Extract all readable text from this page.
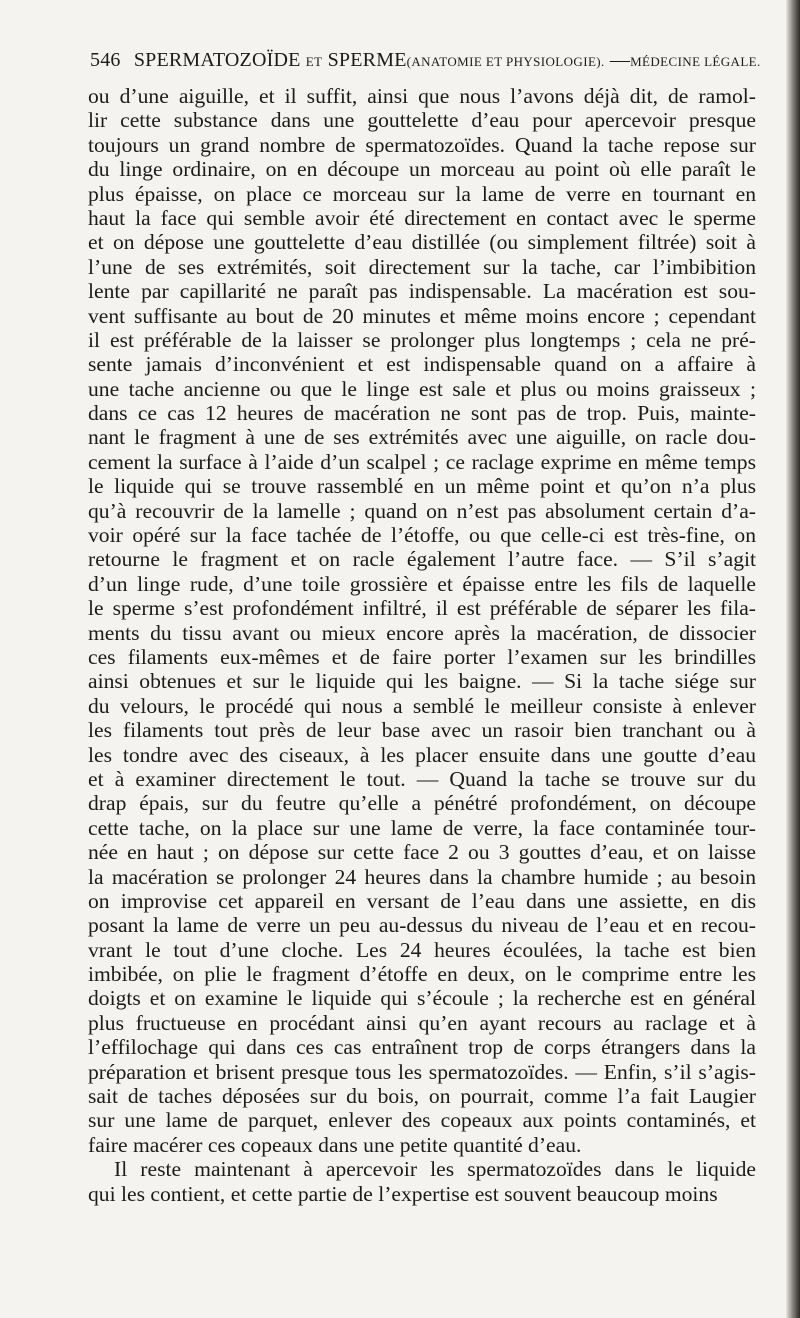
546 SPERMATOZOÏDE ET SPERME(ANATOMIE ET PHYSIOLOGIE). —MÉDECINE LÉGALE.
ou d’une aiguille, et il suffit, ainsi que nous l’avons déjà dit, de ramol-
lir cette substance dans une gouttelette d’eau pour apercevoir presque
toujours un grand nombre de spermatozoïdes. Quand la tache repose sur
du linge ordinaire, on en découpe un morceau au point où elle paraît le
plus épaisse, on place ce morceau sur la lame de verre en tournant en
haut la face qui semble avoir été directement en contact avec le sperme
et on dépose une gouttelette d’eau distillée (ou simplement filtrée) soit à
l’une de ses extrémités, soit directement sur la tache, car l’imbibition
lente par capillarité ne paraît pas indispensable. La macération est sou-
vent suffisante au bout de 20 minutes et même moins encore ; cependant
il est préférable de la laisser se prolonger plus longtemps ; cela ne pré-
sente jamais d’inconvénient et est indispensable quand on a affaire à
une tache ancienne ou que le linge est sale et plus ou moins graisseux ;
dans ce cas 12 heures de macération ne sont pas de trop. Puis, mainte-
nant le fragment à une de ses extrémités avec une aiguille, on racle dou-
cement la surface à l’aide d’un scalpel ; ce raclage exprime en même temps
le liquide qui se trouve rassemblé en un même point et qu’on n’a plus
qu’à recouvrir de la lamelle ; quand on n’est pas absolument certain d’a-
voir opéré sur la face tachée de l’étoffe, ou que celle-ci est très-fine, on
retourne le fragment et on racle également l’autre face. — S’il s’agit
d’un linge rude, d’une toile grossière et épaisse entre les fils de laquelle
le sperme s’est profondément infiltré, il est préférable de séparer les fila-
ments du tissu avant ou mieux encore après la macération, de dissocier
ces filaments eux-mêmes et de faire porter l’examen sur les brindilles
ainsi obtenues et sur le liquide qui les baigne. — Si la tache siége sur
du velours, le procédé qui nous a semblé le meilleur consiste à enlever
les filaments tout près de leur base avec un rasoir bien tranchant ou à
les tondre avec des ciseaux, à les placer ensuite dans une goutte d’eau
et à examiner directement le tout. — Quand la tache se trouve sur du
drap épais, sur du feutre qu’elle a pénétré profondément, on découpe
cette tache, on la place sur une lame de verre, la face contaminée tour-
née en haut ; on dépose sur cette face 2 ou 3 gouttes d’eau, et on laisse
la macération se prolonger 24 heures dans la chambre humide ; au besoin
on improvise cet appareil en versant de l’eau dans une assiette, en dis
posant la lame de verre un peu au-dessus du niveau de l’eau et en recou-
vrant le tout d’une cloche. Les 24 heures écoulées, la tache est bien
imbibée, on plie le fragment d’étoffe en deux, on le comprime entre les
doigts et on examine le liquide qui s’écoule ; la recherche est en général
plus fructueuse en procédant ainsi qu’en ayant recours au raclage et à
l’effilochage qui dans ces cas entraînent trop de corps étrangers dans la
préparation et brisent presque tous les spermatozoïdes. — Enfin, s’il s’agis-
sait de taches déposées sur du bois, on pourrait, comme l’a fait Laugier
sur une lame de parquet, enlever des copeaux aux points contaminés, et
faire macérer ces copeaux dans une petite quantité d’eau.
Il reste maintenant à apercevoir les spermatozoïdes dans le liquide
qui les contient, et cette partie de l’expertise est souvent beaucoup moins
